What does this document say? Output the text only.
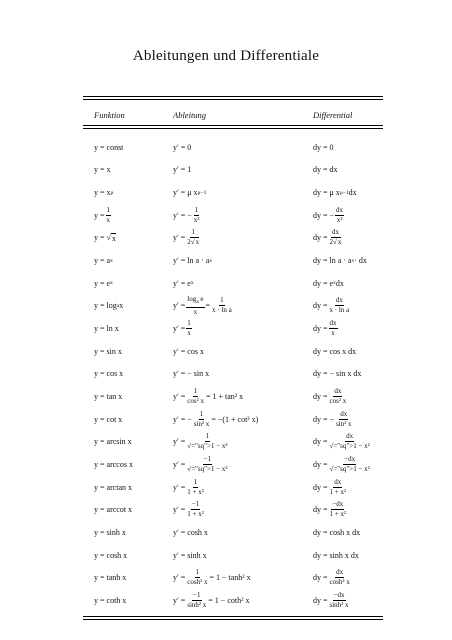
Ableitungen und Differentiale
Funktion	Ableitung	Differential
y = const	y′ = 0	dy = 0
y = x	y′ = 1	dy = dx
y = x μ	y′ = μ x μ−1	dy = μ x μ−1 dx
$y = \frac{1}{x}$	y′ = − $\frac{1}{\text{x²}}$	dy = − $\frac{dx}{\text{x²}}$
y = √ x	$y' = \frac{1}{2√x}$	dy = $\frac{dx}{2√x}$
y = a x	y′ = ln a · a x	dy = ln a · a x · dx
y = e x	y′ = e x	dy = e x dx
y = log a x	$y' = \frac{\log_a e}{x} = \frac{1}{\text{x · ln a}}$	dy = $\frac{dx}{\text{x · ln a}}$
y = ln x	$y' = \frac{1}{x}$	dy = $\frac{dx}{x}$
y = sin x	y′ = cos x	dy = cos x dx
y = cos x	y′ = − sin x	dy = − sin x dx
y = tan x	$y' = \frac{1}{\text{cos² x}} = 1 + \tan^2$ x	dy = $\frac{dx}{\text{cos² x}}$
y = cot x	y′ = − $\frac{1}{\text{sin² x}} = -(1 + \cot^2$ x)	dy = − $\frac{dx}{\text{sin² x}}$
y = arcsin x	$y' = \frac{1}{\text{√="sq">1 − x²}}$	dy = $\frac{dx}{\text{√="sq">1 − x²}}$
y = arccos x	$y' = \frac{-1}{\text{√="sq">1 − x²}}$	dy = $\frac{-dx}{\text{√="sq">1 − x²}}$
y = arctan x	$y' = \frac{1}{\text{1 + x²}}$	dy = $\frac{dx}{\text{1 + x²}}$
y = arccot x	$y' = \frac{-1}{\text{1 + x²}}$	dy = $\frac{-dx}{\text{1 + x²}}$
y = sinh x	y′ = cosh x	dy = cosh x dx
y = cosh x	y′ = sinh x	dy = sinh x dx
y = tanh x	$y' = \frac{1}{\text{cosh² x}} = 1 - \tanh^2$ x	dy = $\frac{dx}{\text{cosh² x}}$
y = coth x	$y' = \frac{-1}{\text{sinh² x}} = 1 - \cot h^2$ x	dy = $\frac{-dx}{\text{sinh² x}}$
